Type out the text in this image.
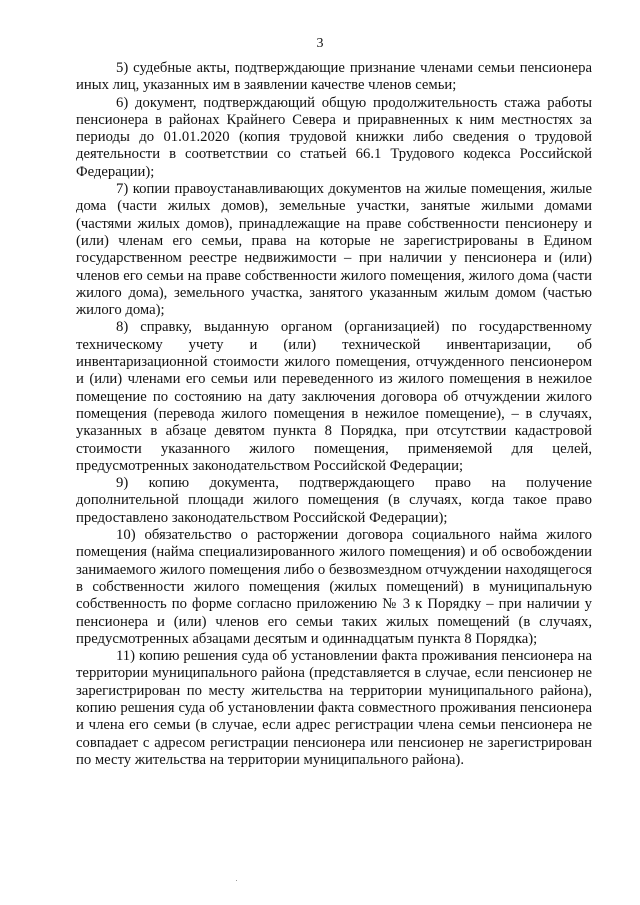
3

5) судебные акты, подтверждающие признание членами семьи пенсионера иных лиц, указанных им в заявлении качестве членов семьи;

6) документ, подтверждающий общую продолжительность стажа работы пенсионера в районах Крайнего Севера и приравненных к ним местностях за периоды до 01.01.2020 (копия трудовой книжки либо сведения о трудовой деятельности в соответствии со статьей 66.1 Трудового кодекса Российской Федерации);

7) копии правоустанавливающих документов на жилые помещения, жилые дома (части жилых домов), земельные участки, занятые жилыми домами (частями жилых домов), принадлежащие на праве собственности пенсионеру и (или) членам его семьи, права на которые не зарегистрированы в Едином государственном реестре недвижимости – при наличии у пенсионера и (или) членов его семьи на праве собственности жилого помещения, жилого дома (части жилого дома), земельного участка, занятого указанным жилым домом (частью жилого дома);

8) справку, выданную органом (организацией) по государственному техническому учету и (или) технической инвентаризации, об инвентаризационной стоимости жилого помещения, отчужденного пенсионером и (или) членами его семьи или переведенного из жилого помещения в нежилое помещение по состоянию на дату заключения договора об отчуждении жилого помещения (перевода жилого помещения в нежилое помещение), – в случаях, указанных в абзаце девятом пункта 8 Порядка, при отсутствии кадастровой стоимости указанного жилого помещения, применяемой для целей, предусмотренных законодательством Российской Федерации;

9) копию документа, подтверждающего право на получение дополнительной площади жилого помещения (в случаях, когда такое право предоставлено законодательством Российской Федерации);

10) обязательство о расторжении договора социального найма жилого помещения (найма специализированного жилого помещения) и об освобождении занимаемого жилого помещения либо о безвозмездном отчуждении находящегося в собственности жилого помещения (жилых помещений) в муниципальную собственность по форме согласно приложению № 3 к Порядку – при наличии у пенсионера и (или) членов его семьи таких жилых помещений (в случаях, предусмотренных абзацами десятым и одиннадцатым пункта 8 Порядка);

11) копию решения суда об установлении факта проживания пенсионера на территории муниципального района (представляется в случае, если пенсионер не зарегистрирован по месту жительства на территории муниципального района), копию решения суда об установлении факта совместного проживания пенсионера и члена его семьи (в случае, если адрес регистрации члена семьи пенсионера не совпадает с адресом регистрации пенсионера или пенсионер не зарегистрирован по месту жительства на территории муниципального района).
